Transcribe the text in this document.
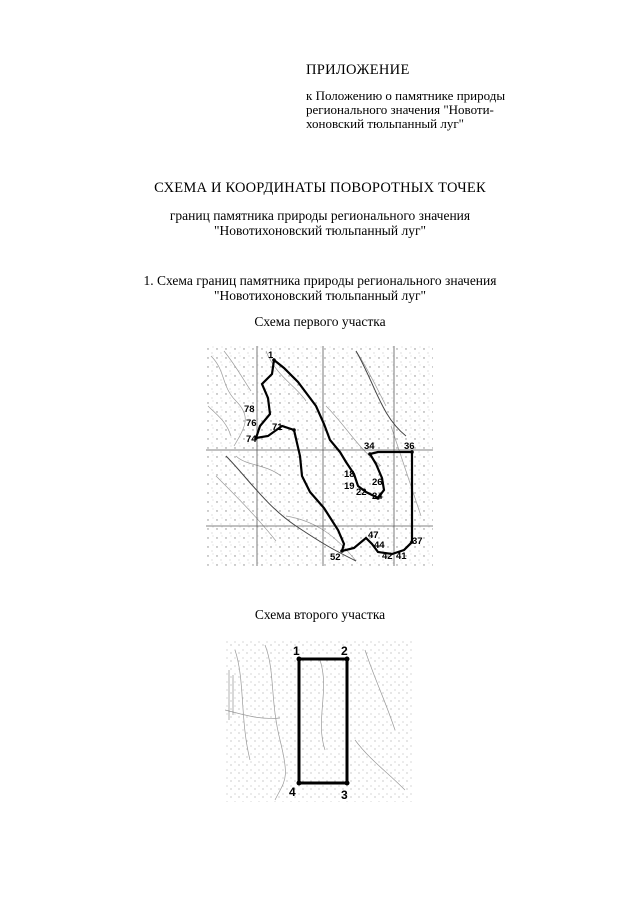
ПРИЛОЖЕНИЕ
к Положению о памятнике природы
регионального значения "Новоти-
хоновский тюльпанный луг"
СХЕМА И КООРДИНАТЫ ПОВОРОТНЫХ ТОЧЕК
границ памятника природы регионального значения
"Новотихоновский тюльпанный луг"
1. Схема границ памятника природы регионального значения
"Новотихоновский тюльпанный луг"
Схема первого участка
1
78
76
74
71
34	36
18
19 26
22 24
47
37
44
42 41
52
Схема второго участка
1	2
3
4
